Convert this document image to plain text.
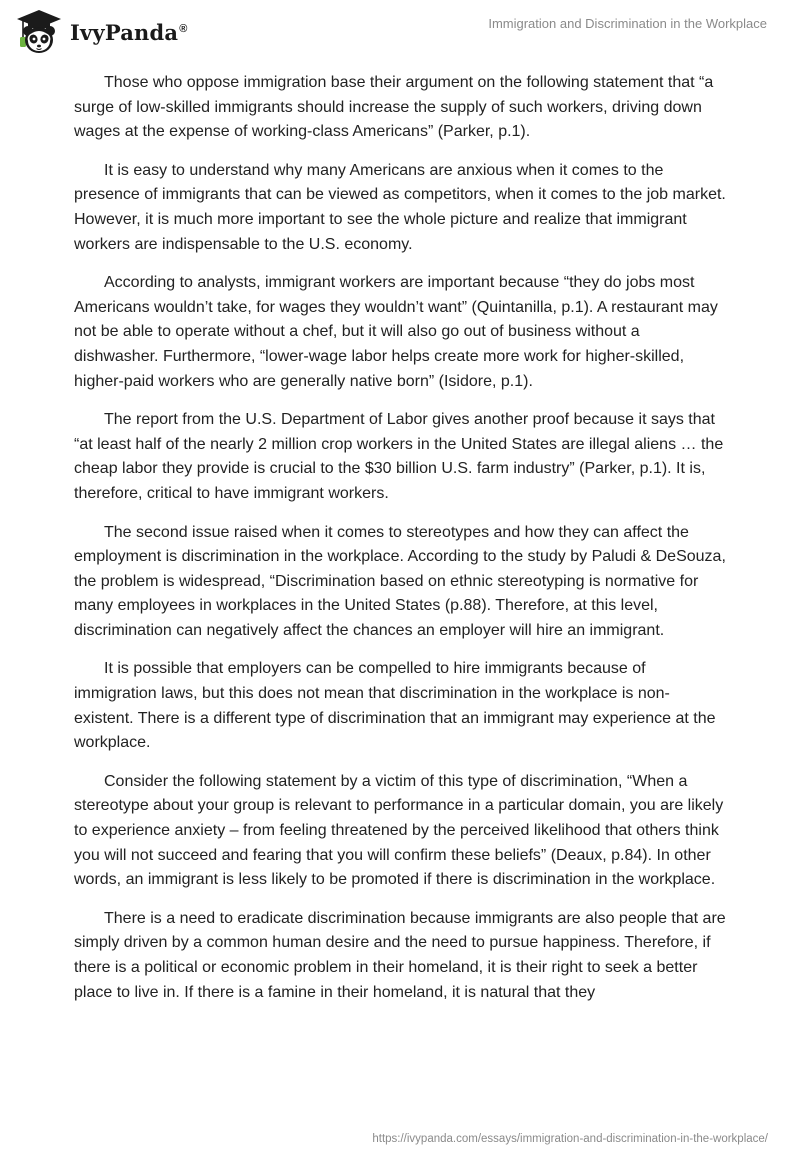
IvyPanda®	Immigration and Discrimination in the Workplace

Those who oppose immigration base their argument on the following statement that “a surge of low-skilled immigrants should increase the supply of such workers, driving down wages at the expense of working-class Americans” (Parker, p.1).

It is easy to understand why many Americans are anxious when it comes to the presence of immigrants that can be viewed as competitors, when it comes to the job market. However, it is much more important to see the whole picture and realize that immigrant workers are indispensable to the U.S. economy.

According to analysts, immigrant workers are important because “they do jobs most Americans wouldn’t take, for wages they wouldn’t want” (Quintanilla, p.1). A restaurant may not be able to operate without a chef, but it will also go out of business without a dishwasher. Furthermore, “lower-wage labor helps create more work for higher-skilled, higher-paid workers who are generally native born” (Isidore, p.1).

The report from the U.S. Department of Labor gives another proof because it says that “at least half of the nearly 2 million crop workers in the United States are illegal aliens … the cheap labor they provide is crucial to the $30 billion U.S. farm industry” (Parker, p.1). It is, therefore, critical to have immigrant workers.

The second issue raised when it comes to stereotypes and how they can affect the employment is discrimination in the workplace. According to the study by Paludi & DeSouza, the problem is widespread, “Discrimination based on ethnic stereotyping is normative for many employees in workplaces in the United States (p.88). Therefore, at this level, discrimination can negatively affect the chances an employer will hire an immigrant.

It is possible that employers can be compelled to hire immigrants because of immigration laws, but this does not mean that discrimination in the workplace is non-existent. There is a different type of discrimination that an immigrant may experience at the workplace.

Consider the following statement by a victim of this type of discrimination, “When a stereotype about your group is relevant to performance in a particular domain, you are likely to experience anxiety – from feeling threatened by the perceived likelihood that others think you will not succeed and fearing that you will confirm these beliefs” (Deaux, p.84). In other words, an immigrant is less likely to be promoted if there is discrimination in the workplace.

There is a need to eradicate discrimination because immigrants are also people that are simply driven by a common human desire and the need to pursue happiness. Therefore, if there is a political or economic problem in their homeland, it is their right to seek a better place to live in. If there is a famine in their homeland, it is natural that they

https://ivypanda.com/essays/immigration-and-discrimination-in-the-workplace/
